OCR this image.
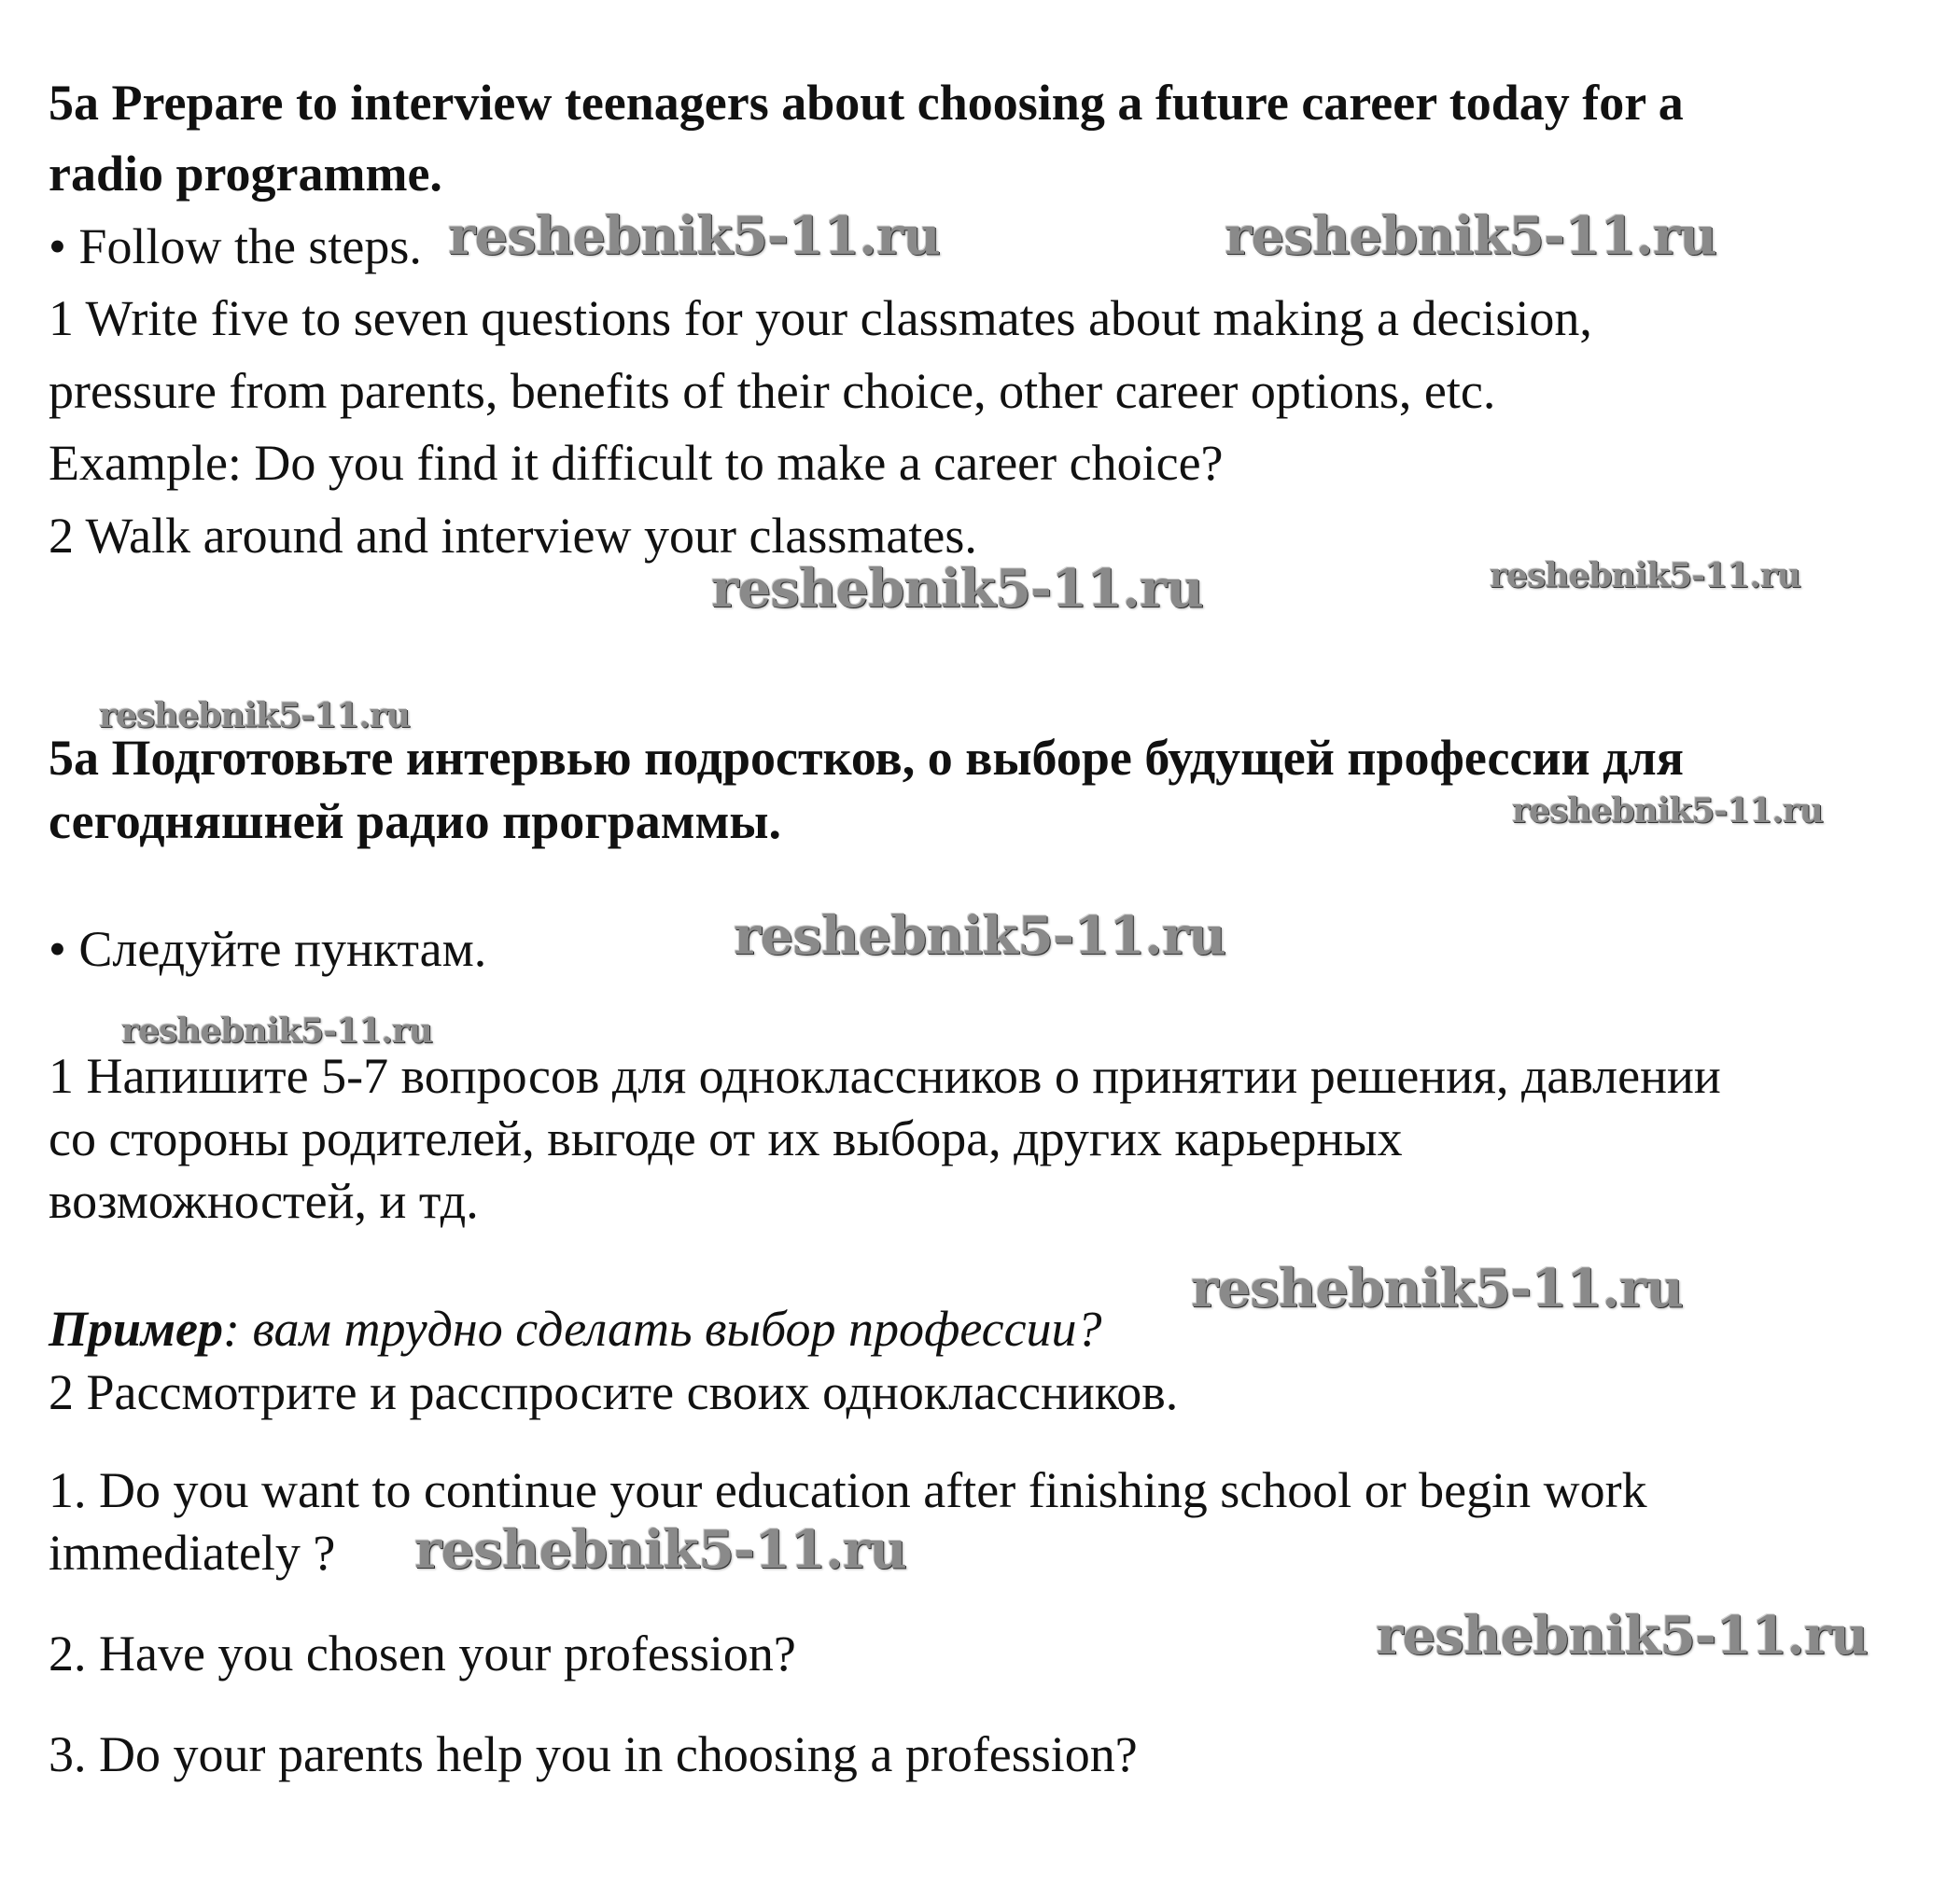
5a Prepare to interview teenagers about choosing a future career today for a

radio programme.

• Follow the steps.

1 Write five to seven questions for your classmates about making a decision,

pressure from parents, benefits of their choice, other career options, etc.

Example: Do you find it difficult to make a career choice?

2 Walk around and interview your classmates.

5a Подготовьте интервью подростков, о выборе будущей профессии для

сегодняшней радио программы.

• Следуйте пунктам.

1 Напишите 5-7 вопросов для одноклассников о принятии решения, давлении

со стороны родителей, выгоде от их выбора, других карьерных

возможностей, и тд.

Пример: вам трудно сделать выбор профессии?

2 Рассмотрите и расспросите своих одноклассников.

1. Do you want to continue your education after finishing school or begin work

immediately ?

2. Have you chosen your profession?

3. Do your parents help you in choosing a profession?

reshebnik5-11.ru	reshebnik5-11.ru
reshebnik5-11.ru	reshebnik5-11.ru
reshebnik5-11.ru
reshebnik5-11.ru
reshebnik5-11.ru
reshebnik5-11.ru
reshebnik5-11.ru
reshebnik5-11.ru
reshebnik5-11.ru
